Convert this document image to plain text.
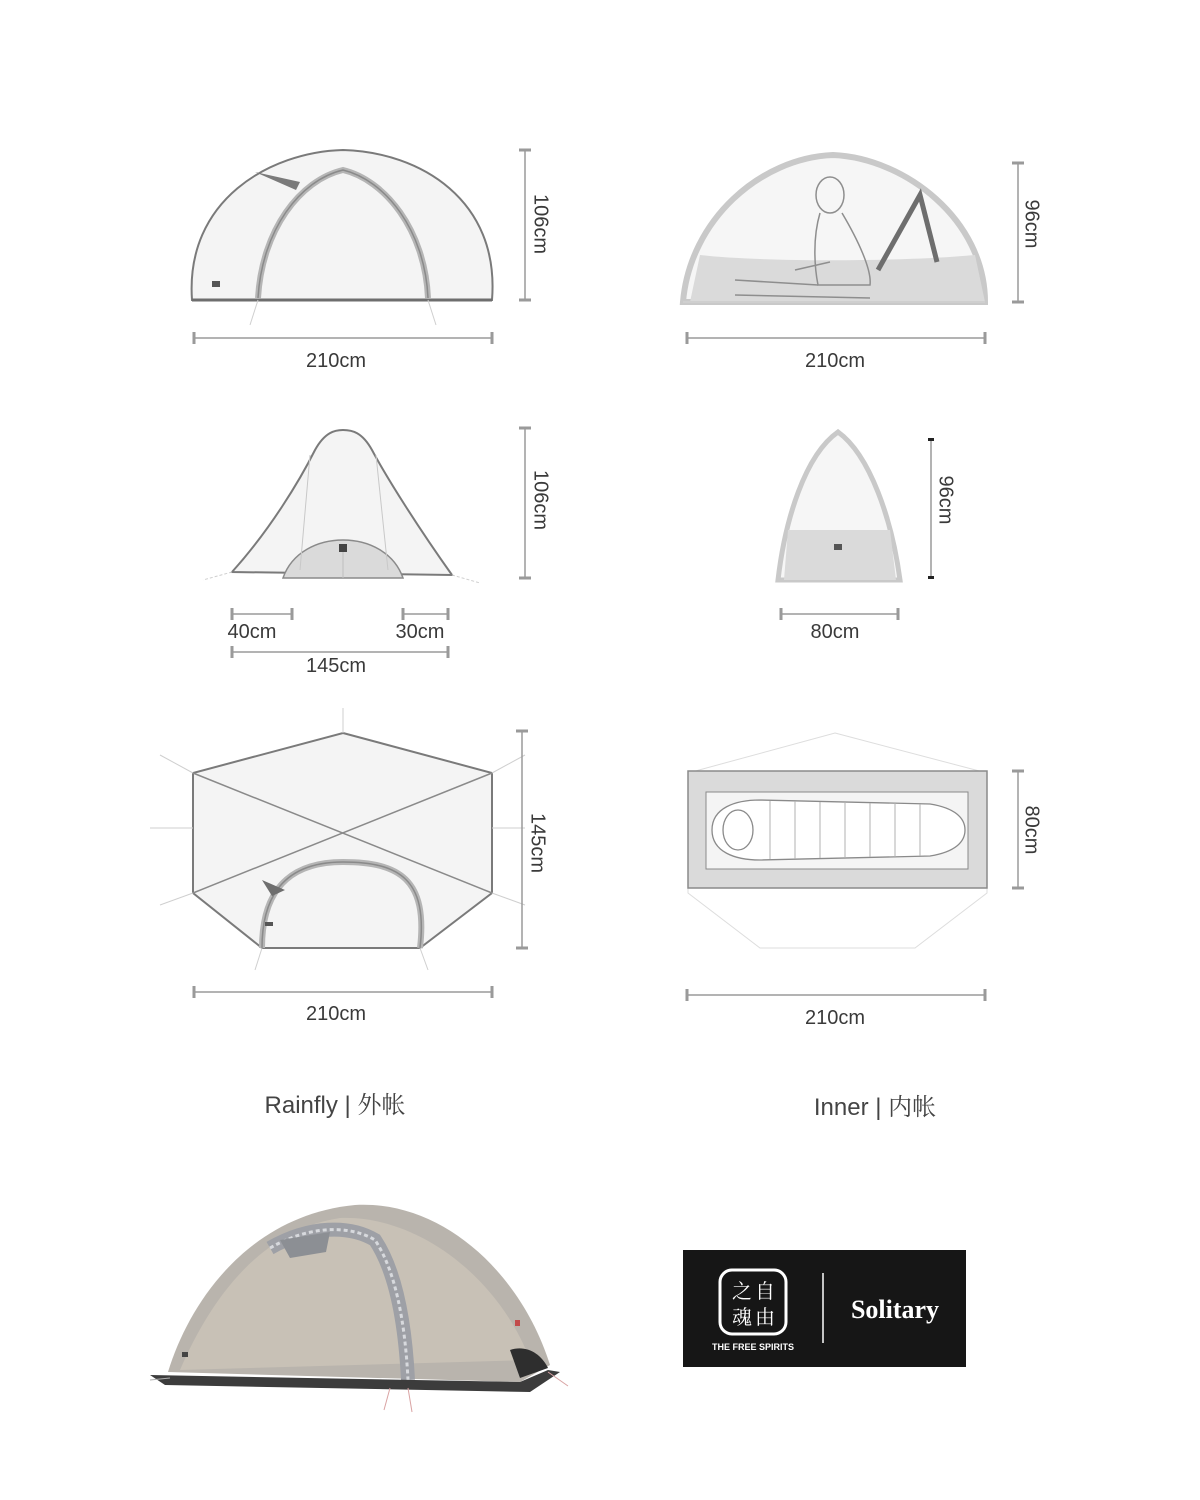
106cm
210cm
96cm
210cm
106cm
40cm	30cm
145cm
96cm
80cm
145cm
210cm
80cm
210cm
Rainfly | 外帐	Inner | 内帐
之 自
魂 由
THE FREE SPIRITS
Solitary
